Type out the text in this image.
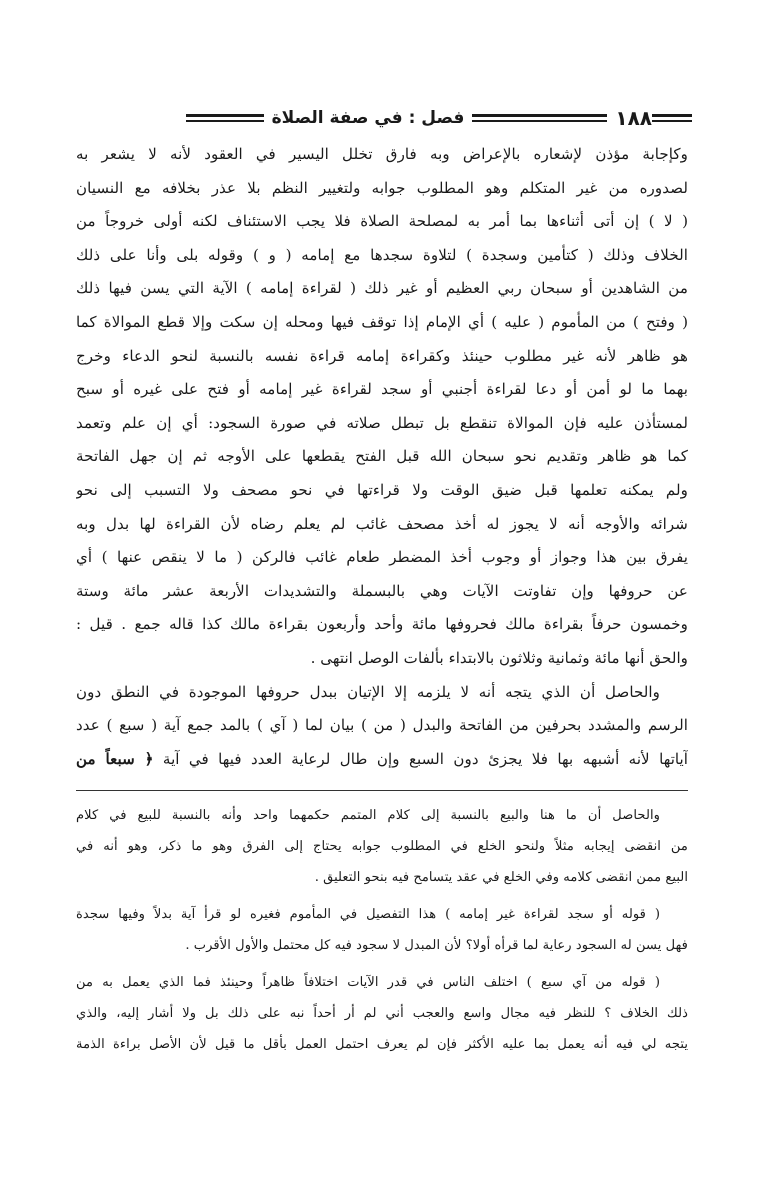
١٨٨
فصل : في صفة الصلاة
وكإجابة مؤذن لإشعاره بالإعراض وبه فارق تخلل اليسير في العقود لأنه لا يشعر به
لصدوره من غير المتكلم وهو المطلوب جوابه ولتغيير النظم بلا عذر بخلافه مع النسيان
( لا ) إن أتى أثناءها بما أمر به لمصلحة الصلاة فلا يجب الاستئناف لكنه أولى خروجاً من
الخلاف وذلك ( كتأمين وسجدة ) لتلاوة سجدها مع إمامه ( و ) وقوله بلى وأنا على ذلك
من الشاهدين أو سبحان ربي العظيم أو غير ذلك ( لقراءة إمامه ) الآية التي يسن فيها ذلك
( وفتح ) من المأموم ( عليه ) أي الإمام إذا توقف فيها ومحله إن سكت وإلا قطع الموالاة كما
هو ظاهر لأنه غير مطلوب حينئذ وكقراءة إمامه قراءة نفسه بالنسبة لنحو الدعاء وخرج
بهما ما لو أمن أو دعا لقراءة أجنبي أو سجد لقراءة غير إمامه أو فتح على غيره أو سبح
لمستأذن عليه فإن الموالاة تنقطع بل تبطل صلاته في صورة السجود: أي إن علم وتعمد
كما هو ظاهر وتقديم نحو سبحان الله قبل الفتح يقطعها على الأوجه ثم إن جهل الفاتحة
ولم يمكنه تعلمها قبل ضيق الوقت ولا قراءتها في نحو مصحف ولا التسبب إلى نحو
شرائه والأوجه أنه لا يجوز له أخذ مصحف غائب لم يعلم رضاه لأن القراءة لها بدل وبه
يفرق بين هذا وجواز أو وجوب أخذ المضطر طعام غائب فالركن ( ما لا ينقص عنها ) أي
عن حروفها وإن تفاوتت الآيات وهي بالبسملة والتشديدات الأربعة عشر مائة وستة
وخمسون حرفاً بقراءة مالك فحروفها مائة وأحد وأربعون بقراءة مالك كذا قاله جمع . قيل :
والحق أنها مائة وثمانية وثلاثون بالابتداء بألفات الوصل انتهى .
والحاصل أن الذي يتجه أنه لا يلزمه إلا الإتيان ببدل حروفها الموجودة في النطق دون
الرسم والمشدد بحرفين من الفاتحة والبدل ( من ) بيان لما ( آي ) بالمد جمع آية ( سبع ) عدد
آياتها لأنه أشبهه بها فلا يجزئ دون السبع وإن طال لرعاية العدد فيها في آية ﴿ سبعاً من
والحاصل أن ما هنا والبيع بالنسبة إلى كلام المتمم حكمهما واحد وأنه بالنسبة للبيع في كلام
من انقضى إيجابه مثلاً ولنحو الخلع في المطلوب جوابه يحتاج إلى الفرق وهو ما ذكر، وهو أنه في
البيع ممن انقضى كلامه وفي الخلع في عقد يتسامح فيه بنحو التعليق .
( قوله أو سجد لقراءة غير إمامه ) هذا التفصيل في المأموم فغيره لو قرأ آية بدلاً وفيها سجدة
فهل يسن له السجود رعاية لما قرأه أولا؟ لأن المبدل لا سجود فيه كل محتمل والأول الأقرب .
( قوله من آي سبع ) اختلف الناس في قدر الآيات اختلافاً ظاهراً وحينئذ فما الذي يعمل به من
ذلك الخلاف ؟ للنظر فيه مجال واسع والعجب أني لم أر أحداً نبه على ذلك بل ولا أشار إليه، والذي
يتجه لي فيه أنه يعمل بما عليه الأكثر فإن لم يعرف احتمل العمل بأقل ما قيل لأن الأصل براءة الذمة
